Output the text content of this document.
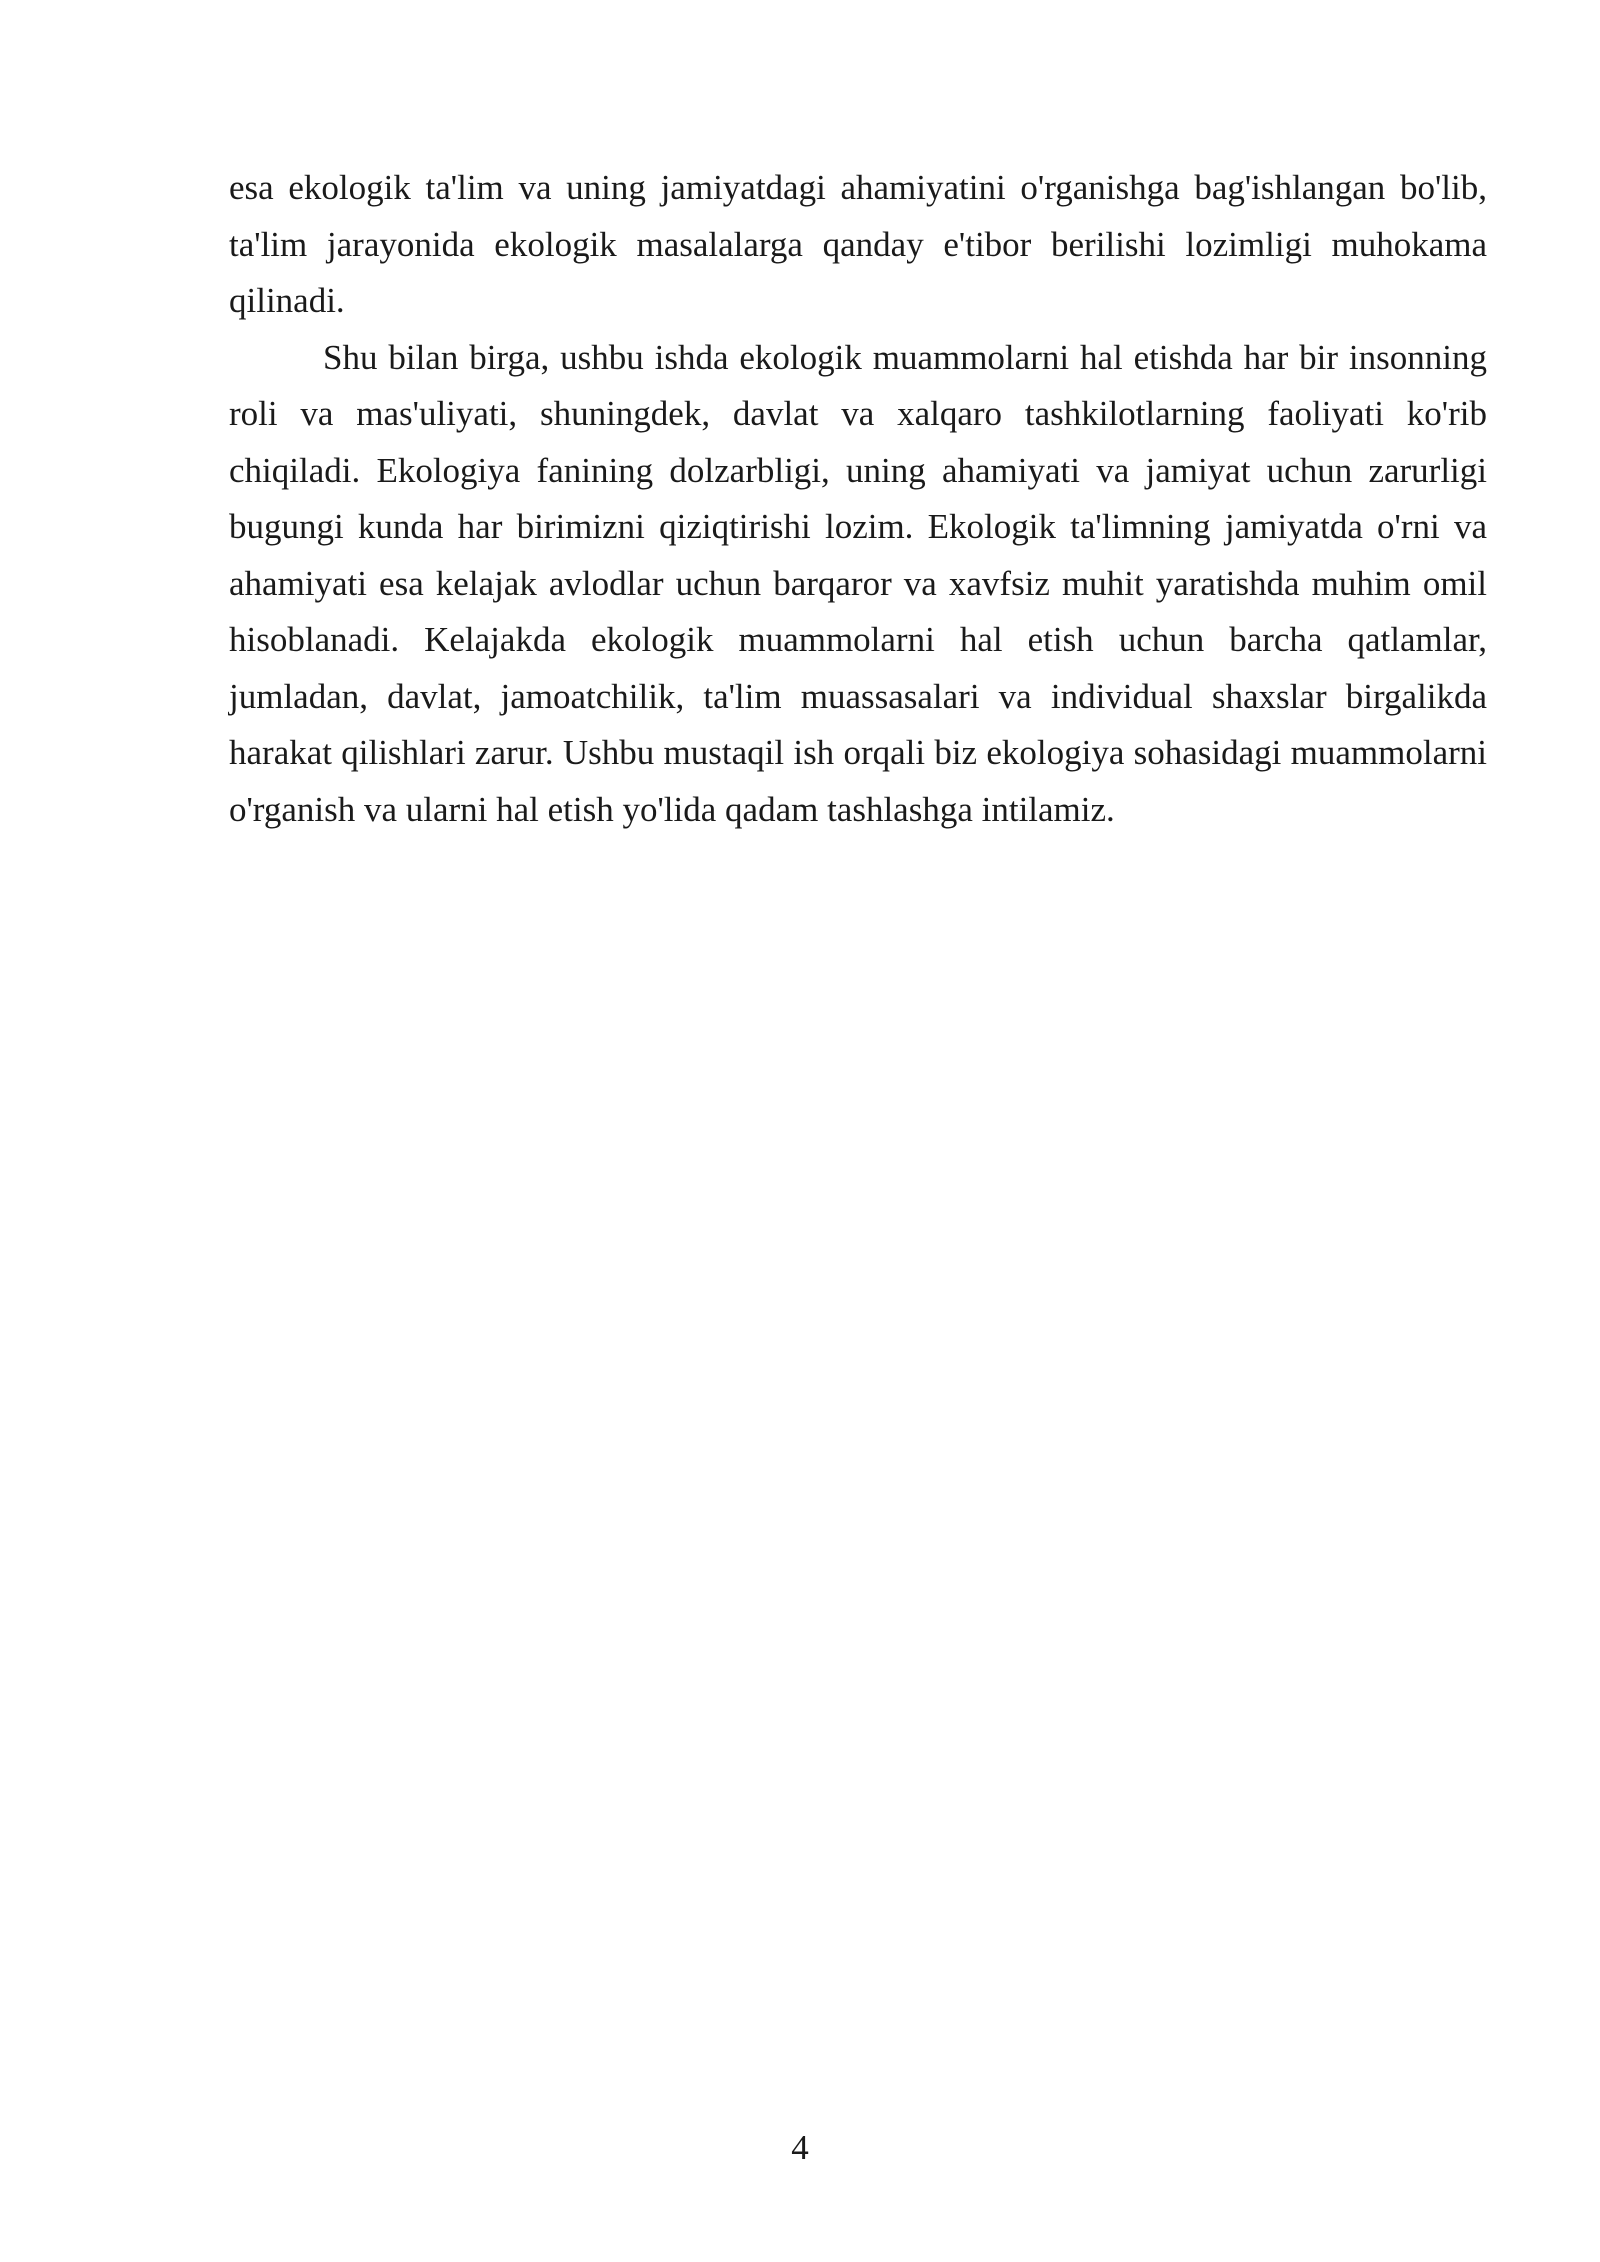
esa ekologik ta'lim va uning jamiyatdagi ahamiyatini o'rganishga bag'ishlangan bo'lib, ta'lim jarayonida ekologik masalalarga qanday e'tibor berilishi lozimligi muhokama qilinadi.

Shu bilan birga, ushbu ishda ekologik muammolarni hal etishda har bir insonning roli va mas'uliyati, shuningdek, davlat va xalqaro tashkilotlarning faoliyati ko'rib chiqiladi. Ekologiya fanining dolzarbligi, uning ahamiyati va jamiyat uchun zarurligi bugungi kunda har birimizni qiziqtirishi lozim. Ekologik ta'limning jamiyatda o'rni va ahamiyati esa kelajak avlodlar uchun barqaror va xavfsiz muhit yaratishda muhim omil hisoblanadi. Kelajakda ekologik muammolarni hal etish uchun barcha qatlamlar, jumladan, davlat, jamoatchilik, ta'lim muassasalari va individual shaxslar birgalikda harakat qilishlari zarur. Ushbu mustaqil ish orqali biz ekologiya sohasidagi muammolarni o'rganish va ularni hal etish yo'lida qadam tashlashga intilamiz.

4
